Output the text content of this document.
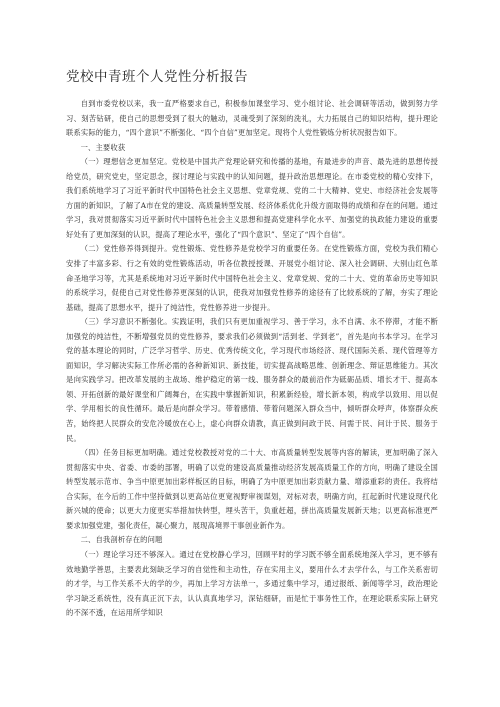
党校中青班个人党性分析报告

自到市委党校以来，我一直严格要求自己，积极参加课堂学习、党小组讨论、社会调研等活动，做到努力学习、刻苦钻研，使自己的思想受到了很大的触动，灵魂受到了深刻的洗礼，大力拓展自己的知识结构，提升理论联系实际的能力，“四个意识”不断强化、“四个自信”更加坚定。现将个人党性锻炼分析状况报告如下。

一、主要收获

（一）理想信念更加坚定。党校是中国共产党理论研究和传播的基地，有最进步的声音、最先进的思想传授给党员，研究党史，坚定思念，探讨理论与实践中的认知问题，提升政治思想理论。在市委党校的精心安排下，我们系统地学习了习近平新时代中国特色社会主义思想、党章党规、党的二十大精神、党史、市经济社会发展等方面的新知识，了解了A市在党的建设、高质量转型发展、经济体系优化升级方面取得的成绩和存在的问题。通过学习，我对贯彻落实习近平新时代中国特色社会主义思想和提高党建科学化水平、加强党的执政能力建设的重要好处有了更加深刻的认识，提高了理论水平，强化了“四个意识”、坚定了“四个自信”。

（二）党性修养得到提升。党性锻炼、党性修养是党校学习的重要任务。在党性锻炼方面，党校为我们精心安排了丰富多彩、行之有效的党性锻炼活动，听各位教授授课、开展党小组讨论、深入社会调研、大别山红色革命圣地学习等，尤其是系统地对习近平新时代中国特色社会主义、党章党规、党的二十大、党的革命历史等知识的系统学习，促使自己对党性修养更深刻的认识，使我对加强党性修养的途径有了比较系统的了解，夯实了理论基础，提高了思想水平，提升了纯洁性，党性修养进一步提升。

（三）学习意识不断强化。实践证明，我们只有更加重视学习、善于学习，永不自满、永不停滞，才能不断加强党的纯洁性，不断增强党员的党性修养，要求我们必须做到“活到老、学到老”，首先是向书本学习。在学习党的基本理论的同时，广泛学习哲学、历史、优秀传统文化，学习现代市场经济、现代国际关系、现代管理等方面知识，学习解决实际工作所必需的各种新知识、新技能，切实提高战略思维、创新理念、辩证思维能力。其次是向实践学习。把改革发展的主战场、维护稳定的第一线、服务群众的最前沿作为砥砺品质、增长才干、提高本领、开拓创新的最好课堂和广阔舞台，在实践中掌握新知识，积累新经验，增长新本领，构成学以致用、用以促学、学用相长的良性循环。最后是向群众学习。带着感情、带着问题深入群众当中，倾听群众呼声，体察群众疾苦，始终把人民群众的安危冷暖放在心上，虚心向群众请教，真正做到问政于民、问需于民、问计于民、服务于民。

（四）任务目标更加明确。通过党校教授对党的二十大、市高质量转型发展等内容的解读，更加明确了深入贯彻落实中央、省委、市委的部署，明确了以党的建设高质量推动经济发展高质量工作的方向，明确了建设全国转型发展示范市、争当中原更加出彩样板区的目标，明确了为中原更加出彩贡献力量、增添重彩的责任。我将结合实际，在今后的工作中坚持做到以更高站位更宽视野审视谋划，对标对表，明确方向，扛起新时代建设现代化新兴城的使命；以更大力度更实举措加快转型，埋头苦干，负重赶超，拼出高质量发展新天地；以更高标准更严要求加强党建，强化责任，凝心聚力，展现高境界干事创业新作为。

二、自我剖析存在的问题

（一）理论学习还不够深入。通过在党校静心学习，回顾平时的学习既不够全面系统地深入学习，更不够有效地勤学善思，主要表此刻缺乏学习的自觉性和主动性，存在实用主义，要用什么才去学什么，与工作关系密切的才学，与工作关系不大的学的少，再加上学习方法单一，多通过集中学习，通过报纸、新闻等学习，政治理论学习缺乏系统性，没有真正沉下去，认认真真地学习，深钻细研，而是忙于事务性工作，在理论联系实际上研究的不深不透，在运用所学知识
